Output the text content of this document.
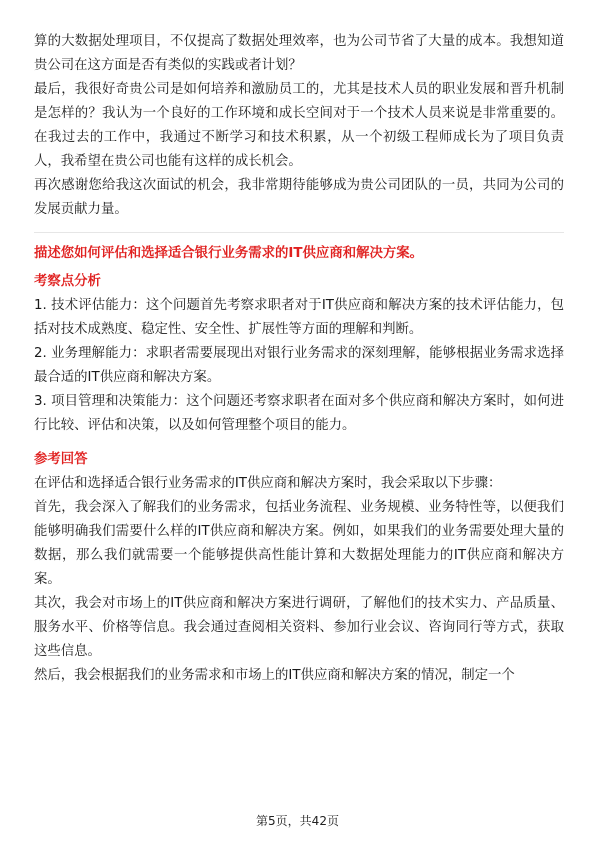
算的大数据处理项目，不仅提高了数据处理效率，也为公司节省了大量的成本。我想知道贵公司在这方面是否有类似的实践或者计划？

最后，我很好奇贵公司是如何培养和激励员工的，尤其是技术人员的职业发展和晋升机制是怎样的？我认为一个良好的工作环境和成长空间对于一个技术人员来说是非常重要的。在我过去的工作中，我通过不断学习和技术积累，从一个初级工程师成长为了项目负责人，我希望在贵公司也能有这样的成长机会。

再次感谢您给我这次面试的机会，我非常期待能够成为贵公司团队的一员，共同为公司的发展贡献力量。

描述您如何评估和选择适合银行业务需求的IT供应商和解决方案。

考察点分析

1. 技术评估能力：这个问题首先考察求职者对于IT供应商和解决方案的技术评估能力，包括对技术成熟度、稳定性、安全性、扩展性等方面的理解和判断。

2. 业务理解能力：求职者需要展现出对银行业务需求的深刻理解，能够根据业务需求选择最合适的IT供应商和解决方案。

3. 项目管理和决策能力：这个问题还考察求职者在面对多个供应商和解决方案时，如何进行比较、评估和决策，以及如何管理整个项目的能力。

参考回答

在评估和选择适合银行业务需求的IT供应商和解决方案时，我会采取以下步骤：

首先，我会深入了解我们的业务需求，包括业务流程、业务规模、业务特性等，以便我们能够明确我们需要什么样的IT供应商和解决方案。例如，如果我们的业务需要处理大量的数据，那么我们就需要一个能够提供高性能计算和大数据处理能力的IT供应商和解决方案。

其次，我会对市场上的IT供应商和解决方案进行调研，了解他们的技术实力、产品质量、服务水平、价格等信息。我会通过查阅相关资料、参加行业会议、咨询同行等方式，获取这些信息。

然后，我会根据我们的业务需求和市场上的IT供应商和解决方案的情况，制定一个

第5页，共42页
